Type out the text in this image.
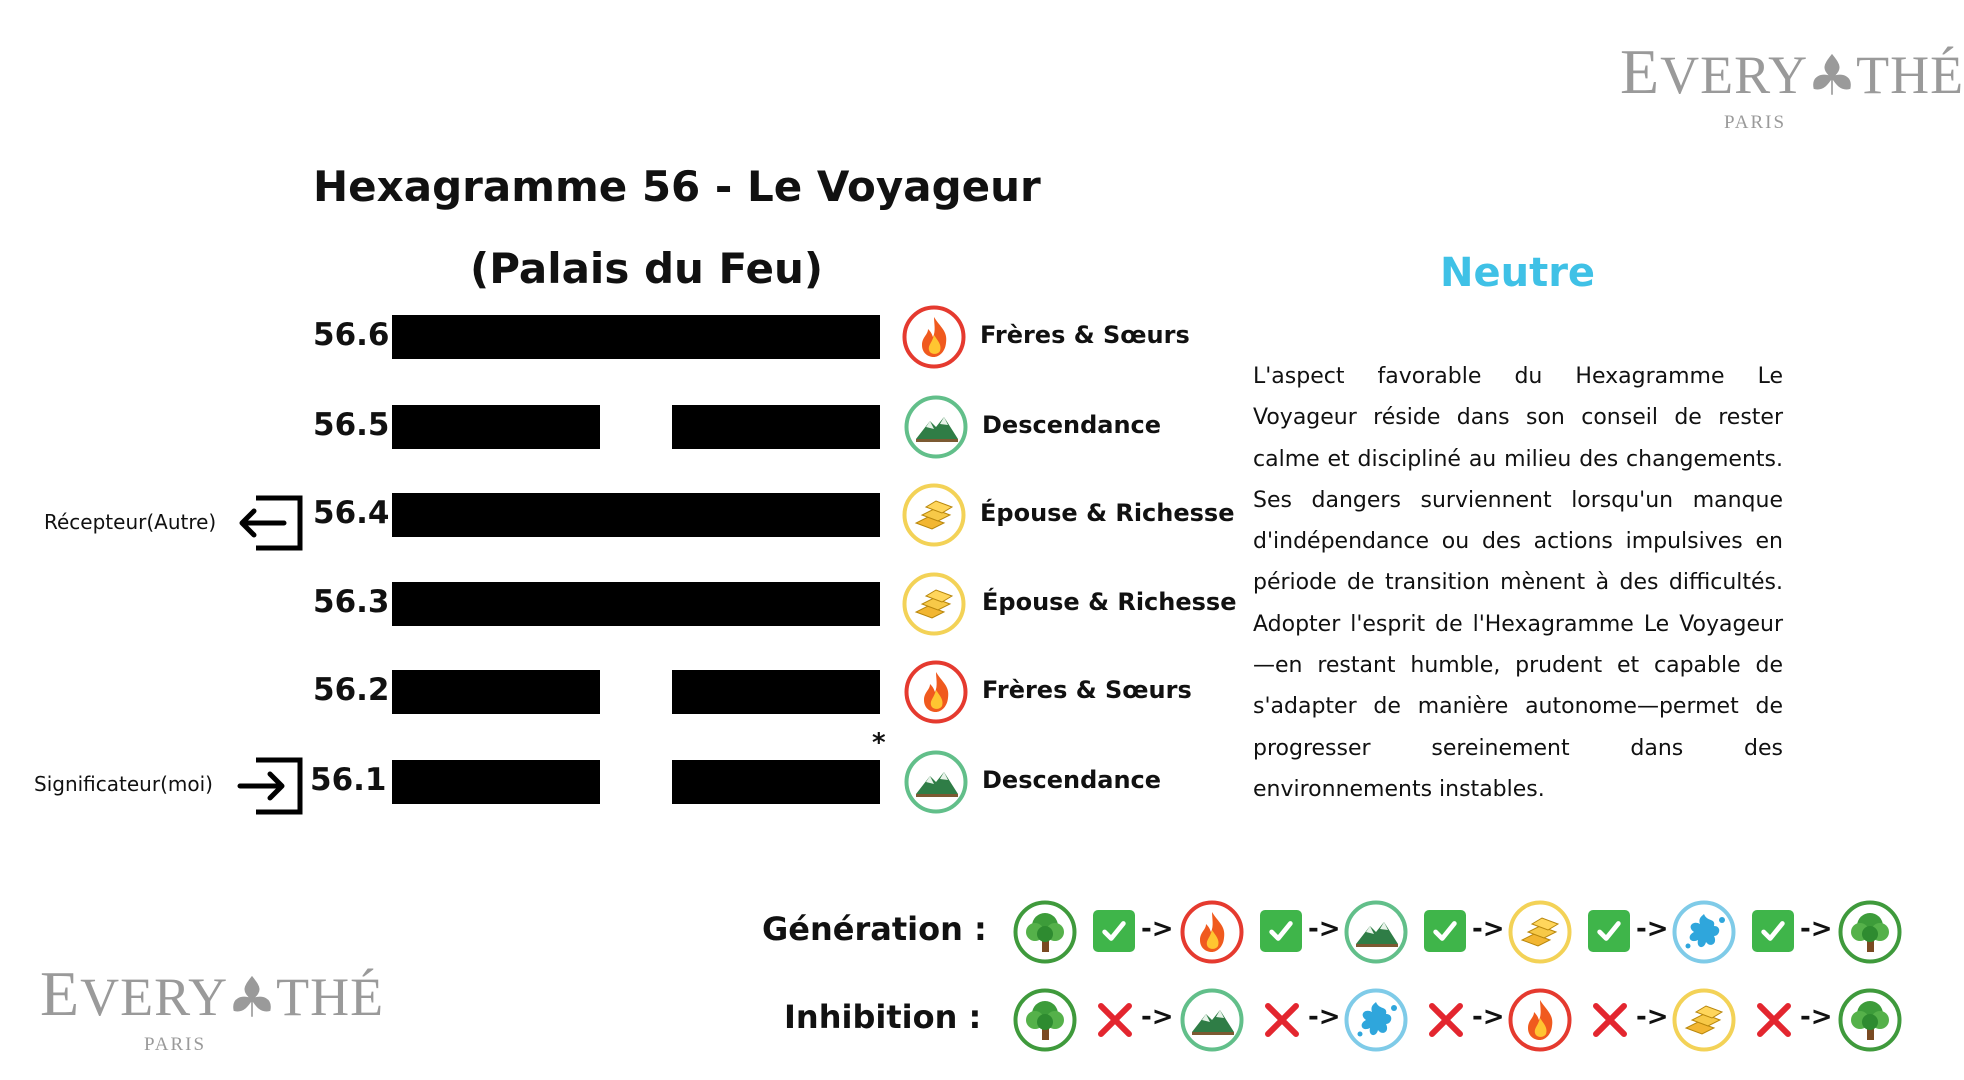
EVERY THÉ
PARIS
EVERY THÉ
PARIS
Hexagramme 56 - Le Voyageur
(Palais du Feu)	Neutre
56.6	Frères & Sœurs
56.5	Descendance
56.4	Épouse & Richesse
56.3	Épouse & Richesse
56.2	Frères & Sœurs
56.1	Descendance
*
Récepteur(Autre)
Significateur(moi)
L'aspect favorable du Hexagramme Le Voyageur réside dans son conseil de rester calme et discipliné au milieu des changements. Ses dangers surviennent lorsqu'un manque d'indépendance ou des actions impulsives en période de transition mènent à des difficultés. Adopter l'esprit de l'Hexagramme Le Voyageur—en restant humble, prudent et capable de s'adapter de manière autonome—permet de progresser sereinement dans des environnements instables.
Génération :
Inhibition :
->	->	->	->	->
->	->	->	->	->
